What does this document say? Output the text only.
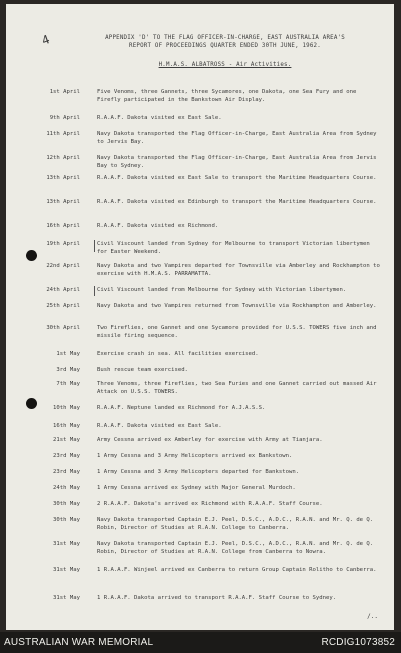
4	APPENDIX 'D' TO THE FLAG OFFICER-IN-CHARGE, EAST AUSTRALIA AREA'S
REPORT OF PROCEEDINGS QUARTER ENDED 30TH JUNE, 1962.
H.M.A.S. ALBATROSS - Air Activities.
1st April	Five Venoms, three Gannets, three Sycamores, one Dakota, one Sea Fury and one Firefly participated in the Bankstown Air Display.
9th April	R.A.A.F. Dakota visited ex East Sale.
11th April	Navy Dakota transported the Flag Officer-in-Charge, East Australia Area from Sydney to Jervis Bay.
12th April	Navy Dakota transported the Flag Officer-in-Charge, East Australia Area from Jervis Bay to Sydney.
13th April	R.A.A.F. Dakota visited ex East Sale to transport the Maritime Headquarters Course.
13th April	R.A.A.F. Dakota visited ex Edinburgh to transport the Maritime Headquarters Course.
16th April	R.A.A.F. Dakota visited ex Richmond.
19th April	Civil Viscount landed from Sydney for Melbourne to transport Victorian libertymen for Easter Weekend.
22nd April	Navy Dakota and two Vampires departed for Townsville via Amberley and Rockhampton to exercise with H.M.A.S. PARRAMATTA.
24th April	Civil Viscount landed from Melbourne for Sydney with Victorian libertymen.
25th April	Navy Dakota and two Vampires returned from Townsville via Rockhampton and Amberley.
30th April	Two Fireflies, one Gannet and one Sycamore provided for U.S.S. TOWERS five inch and missile firing sequence.
1st May	Exercise crash in sea. All facilities exercised.
3rd May	Bush rescue team exercised.
7th May	Three Venoms, three Fireflies, two Sea Furies and one Gannet carried out massed Air Attack on U.S.S. TOWERS.
10th May	R.A.A.F. Neptune landed ex Richmond for A.J.A.S.S.
16th May	R.A.A.F. Dakota visited ex East Sale.
21st May	Army Cessna arrived ex Amberley for exercise with Army at Tianjara.
23rd May	1 Army Cessna and 3 Army Helicopters arrived ex Bankstown.
23rd May	1 Army Cessna and 3 Army Helicopters departed for Bankstown.
24th May	1 Army Cessna arrived ex Sydney with Major General Murdoch.
30th May	2 R.A.A.F. Dakota's arrived ex Richmond with R.A.A.F. Staff Course.
30th May	Navy Dakota transported Captain E.J. Peel, D.S.C., A.D.C., R.A.N. and Mr. Q. de Q. Robin, Director of Studies at R.A.N. College to Canberra.
31st May	Navy Dakota transported Captain E.J. Peel, D.S.C., A.D.C., R.A.N. and Mr. Q. de Q. Robin, Director of Studies at R.A.N. College from Canberra to Nowra.
31st May	1 R.A.A.F. Winjeel arrived ex Canberra to return Group Captain Rolitho to Canberra.
31st May	1 R.A.A.F. Dakota arrived to transport R.A.A.F. Staff Course to Sydney.
/..
AUSTRALIAN WAR MEMORIAL	RCDIG1073852
